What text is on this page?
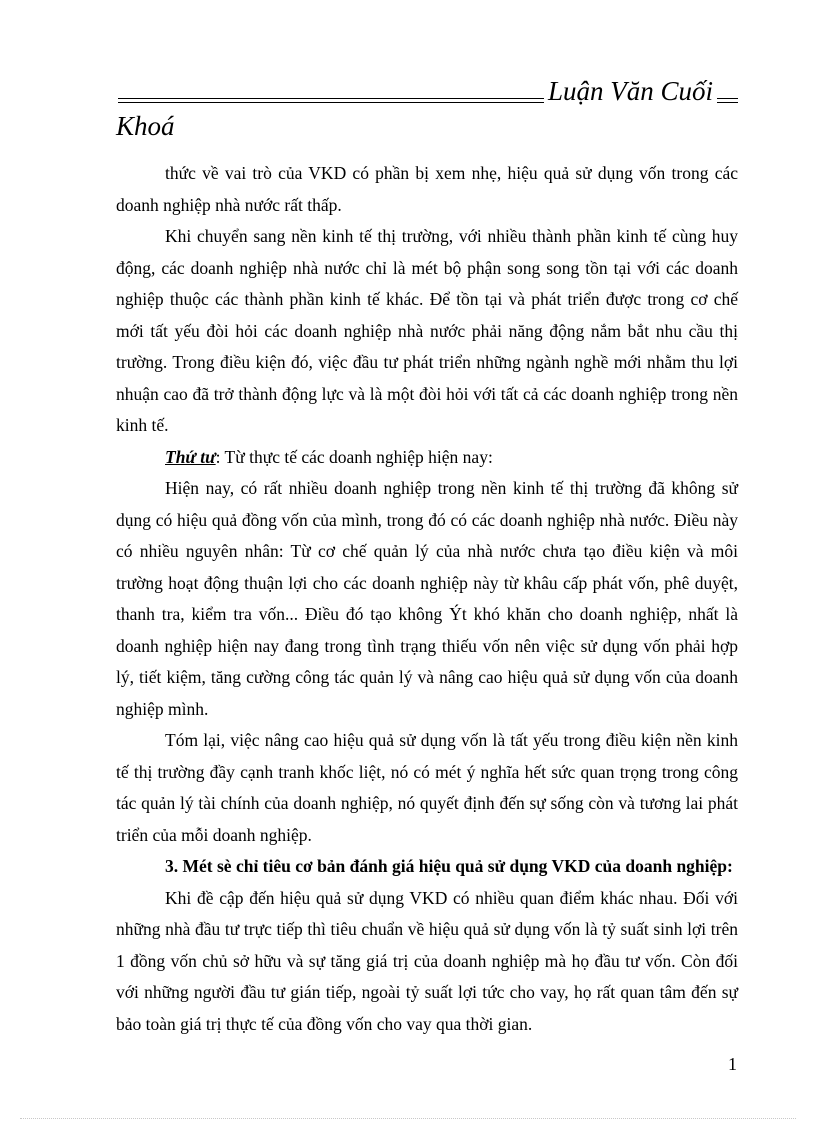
Luận Văn Cuối
Khoá

thức về vai trò của VKD có phần bị xem nhẹ, hiệu quả sử dụng vốn trong các doanh nghiệp nhà nước rất thấp.

Khi chuyển sang nền kinh tế thị trường, với nhiều thành phần kinh tế cùng huy động, các doanh nghiệp nhà nước chỉ là mét bộ phận song song tồn tại với các doanh nghiệp thuộc các thành phần kinh tế khác. Để tồn tại và phát triển được trong cơ chế mới tất yếu đòi hỏi các doanh nghiệp nhà nước phải năng động nắm bắt nhu cầu thị trường. Trong điều kiện đó, việc đầu tư phát triển những ngành nghề mới nhằm thu lợi nhuận cao đã trở thành động lực và là một đòi hỏi với tất cả các doanh nghiệp trong nền kinh tế.

Thứ tư: Từ thực tế các doanh nghiệp hiện nay:

Hiện nay, có rất nhiều doanh nghiệp trong nền kinh tế thị trường đã không sử dụng có hiệu quả đồng vốn của mình, trong đó có các doanh nghiệp nhà nước. Điều này có nhiều nguyên nhân: Từ cơ chế quản lý của nhà nước chưa tạo điều kiện và môi trường hoạt động thuận lợi cho các doanh nghiệp này từ khâu cấp phát vốn, phê duyệt, thanh tra, kiểm tra vốn... Điều đó tạo không Ýt khó khăn cho doanh nghiệp, nhất là doanh nghiệp hiện nay đang trong tình trạng thiếu vốn nên việc sử dụng vốn phải hợp lý, tiết kiệm, tăng cường công tác quản lý và nâng cao hiệu quả sử dụng vốn của doanh nghiệp mình.

Tóm lại, việc nâng cao hiệu quả sử dụng vốn là tất yếu trong điều kiện nền kinh tế thị trường đầy cạnh tranh khốc liệt, nó có mét ý nghĩa hết sức quan trọng trong công tác quản lý tài chính của doanh nghiệp, nó quyết định đến sự sống còn và tương lai phát triển của mỗi doanh nghiệp.

3. Mét sè chỉ tiêu cơ bản đánh giá hiệu quả sử dụng VKD của doanh nghiệp:

Khi đề cập đến hiệu quả sử dụng VKD có nhiều quan điểm khác nhau. Đối với những nhà đầu tư trực tiếp thì tiêu chuẩn về hiệu quả sử dụng vốn là tỷ suất sinh lợi trên 1 đồng vốn chủ sở hữu và sự tăng giá trị của doanh nghiệp mà họ đầu tư vốn. Còn đối với những người đầu tư gián tiếp, ngoài tỷ suất lợi tức cho vay, họ rất quan tâm đến sự bảo toàn giá trị thực tế của đồng vốn cho vay qua thời gian.

1
